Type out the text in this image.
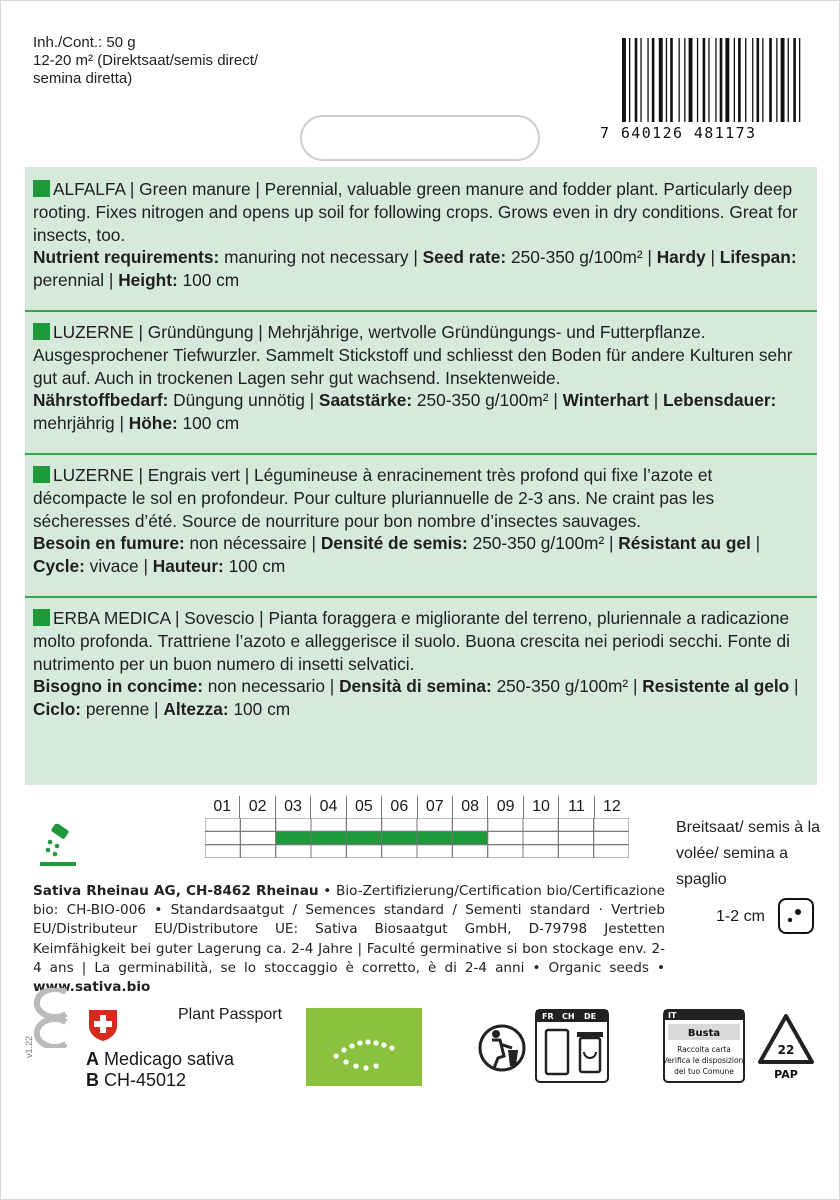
Inh./Cont.: 50 g
12-20 m² (Direktsaat/semis direct/
semina diretta)
7 640126 481173
ALFALFA | Green manure | Perennial, valuable green manure and fodder plant. Particularly deep rooting. Fixes nitrogen and opens up soil for following crops. Grows even in dry conditions. Great for insects, too.
Nutrient requirements: manuring not necessary | Seed rate: 250-350 g/100m² | Hardy | Lifespan: perennial | Height: 100 cm
LUZERNE | Gründüngung | Mehrjährige, wertvolle Gründüngungs- und Futterpflanze. Ausgesprochener Tiefwurzler. Sammelt Stickstoff und schliesst den Boden für andere Kulturen sehr gut auf. Auch in trockenen Lagen sehr gut wachsend. Insektenweide.
Nährstoffbedarf: Düngung unnötig | Saatstärke: 250-350 g/100m² | Winterhart | Lebensdauer: mehrjährig | Höhe: 100 cm
LUZERNE | Engrais vert | Légumineuse à enracinement très profond qui fixe l’azote et décompacte le sol en profondeur. Pour culture pluriannuelle de 2-3 ans. Ne craint pas les sécheresses d’été. Source de nourriture pour bon nombre d’insectes sauvages.
Besoin en fumure: non nécessaire | Densité de semis: 250-350 g/100m² | Résistant au gel | Cycle: vivace | Hauteur: 100 cm
ERBA MEDICA | Sovescio | Pianta foraggera e migliorante del terreno, pluriennale a radicazione molto profonda. Trattriene l’azoto e alleggerisce il suolo. Buona crescita nei periodi secchi. Fonte di nutrimento per un buon numero di insetti selvatici.
Bisogno in concime: non necessario | Densità di semina: 250-350 g/100m² | Resistente al gelo | Ciclo: perenne | Altezza: 100 cm
01	02	03	04	05	06	07	08	09	10	11	12
Breitsaat/ semis à la volée/ semina a spaglio
1-2 cm
Sativa Rheinau AG, CH-8462 Rheinau • Bio-Zertifizierung/Certification bio/Certificazione bio: CH-BIO-006 • Standardsaatgut / Semences standard / Sementi standard · Vertrieb EU/Distributeur EU/Distributore UE: Sativa Biosaatgut GmbH, D-79798 Jestetten Keimfähigkeit bei guter Lagerung ca. 2-4 Jahre | Faculté germinative si bon stockage env. 2-4 ans | La germinabilità, se lo stoccaggio è corretto, è di 2-4 anni • Organic seeds • www.sativa.bio
v1.22
Plant Passport
A Medicago sativa
B CH-45012
FR CH DE	IT
Busta
Raccolta carta
Verifica le disposizioni
del tuo Comune
22
PAP
